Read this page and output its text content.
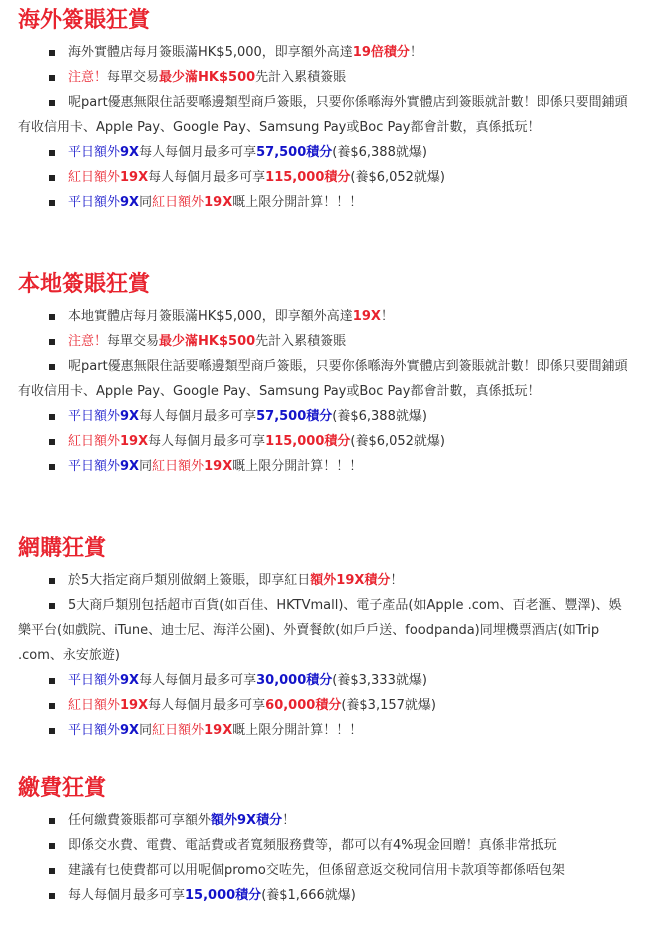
海外簽賬狂賞
海外實體店每月簽賬滿HK$5,000，即享額外高達19倍積分！
注意！每單交易最少滿HK$500先計入累積簽賬
呢part優惠無限住話要喺邊類型商戶簽賬，只要你係喺海外實體店到簽賬就計數！即係只要間鋪頭有收信用卡、Apple Pay、Google Pay、Samsung Pay或Boc Pay都會計數，真係抵玩！
平日額外9X每人每個月最多可享57,500積分(養$6,388就爆)
紅日額外19X每人每個月最多可享115,000積分(養$6,052就爆)
平日額外9X同紅日額外19X嘅上限分開計算！！！
本地簽賬狂賞
本地實體店每月簽賬滿HK$5,000，即享額外高達19X！
注意！每單交易最少滿HK$500先計入累積簽賬
呢part優惠無限住話要喺邊類型商戶簽賬，只要你係喺海外實體店到簽賬就計數！即係只要間鋪頭有收信用卡、Apple Pay、Google Pay、Samsung Pay或Boc Pay都會計數，真係抵玩！
平日額外9X每人每個月最多可享57,500積分(養$6,388就爆)
紅日額外19X每人每個月最多可享115,000積分(養$6,052就爆)
平日額外9X同紅日額外19X嘅上限分開計算！！！
網購狂賞
於5大指定商戶類別做網上簽賬，即享紅日額外19X積分！
5大商戶類別包括超市百貨(如百佳、HKTVmall)、電子產品(如Apple .com、百老滙、豐澤)、娛樂平台(如戲院、iTune、迪士尼、海洋公園)、外賣餐飲(如戶戶送、foodpanda)同埋機票酒店(如Trip .com、永安旅遊)
平日額外9X每人每個月最多可享30,000積分(養$3,333就爆)
紅日額外19X每人每個月最多可享60,000積分(養$3,157就爆)
平日額外9X同紅日額外19X嘅上限分開計算！！！
繳費狂賞
任何繳費簽賬都可享額外額外9X積分！
即係交水費、電費、電話費或者寬頻服務費等，都可以有4%現金回贈！真係非常抵玩
建議有乜使費都可以用呢個promo交咗先，但係留意返交稅同信用卡款項等都係唔包架
每人每個月最多可享15,000積分(養$1,666就爆)
